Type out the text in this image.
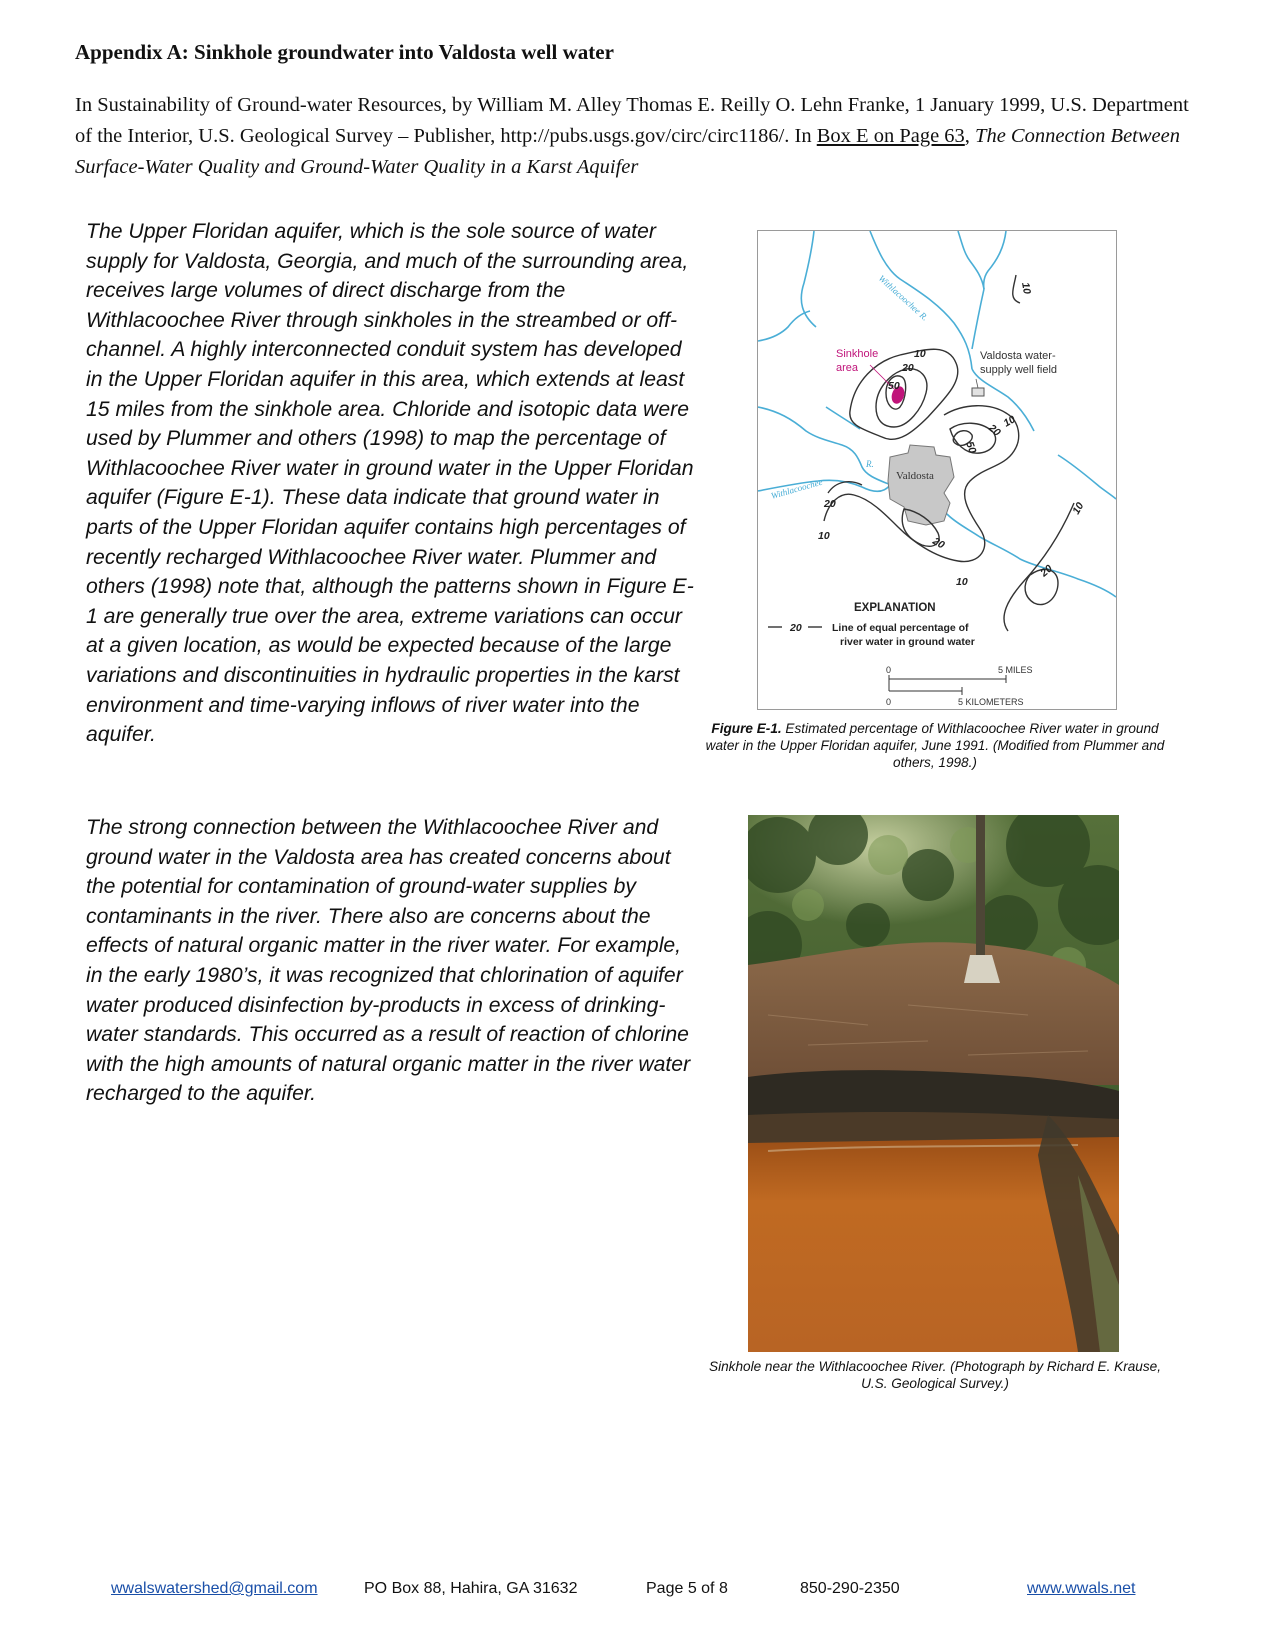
Appendix A: Sinkhole groundwater into Valdosta well water

In Sustainability of Ground-water Resources, by William M. Alley Thomas E. Reilly O. Lehn Franke, 1 January 1999, U.S. Department of the Interior, U.S. Geological Survey – Publisher, http://pubs.usgs.gov/circ/circ1186/. In Box E on Page 63, The Connection Between Surface-Water Quality and Ground-Water Quality in a Karst Aquifer

The Upper Floridan aquifer, which is the sole source of water supply for Valdosta, Georgia, and much of the surrounding area, receives large volumes of direct discharge from the Withlacoochee River through sinkholes in the streambed or off-channel. A highly interconnected conduit system has developed in the Upper Floridan aquifer in this area, which extends at least 15 miles from the sinkhole area. Chloride and isotopic data were used by Plummer and others (1998) to map the percentage of Withlacoochee River water in ground water in the Upper Floridan aquifer (Figure E-1). These data indicate that ground water in parts of the Upper Floridan aquifer contains high percentages of recently recharged Withlacoochee River water. Plummer and others (1998) note that, although the patterns shown in Figure E-1 are generally true over the area, extreme variations can occur at a given location, as would be expected because of the large variations and discontinuities in hydraulic properties in the karst environment and time-varying inflows of river water into the aquifer.

The strong connection between the Withlacoochee River and ground water in the Valdosta area has created concerns about the potential for contamination of ground-water supplies by contaminants in the river. There also are concerns about the effects of natural organic matter in the river water. For example, in the early 1980’s, it was recognized that chlorination of aquifer water produced disinfection by-products in excess of drinking-water standards. This occurred as a result of reaction of chlorine with the high amounts of natural organic matter in the river water recharged to the aquifer.

Valdosta
Withlacoochee R.
Withlacoochee
R.
Sinkhole
area
Valdosta water-
supply well field
10
20
50
10
20
50
10
20
10	20
10
10
20
EXPLANATION
20	Line of equal percentage of
river water in ground water
0	5 MILES
0	5 KILOMETERS

Figure E-1. Estimated percentage of Withlacoochee River water in ground water in the Upper Floridan aquifer, June 1991. (Modified from Plummer and others, 1998.)

Sinkhole near the Withlacoochee River. (Photograph by Richard E. Krause, U.S. Geological Survey.)

wwalswatershed@gmail.com	PO Box 88, Hahira, GA 31632	Page 5 of 8	850-290-2350	www.wwals.net
